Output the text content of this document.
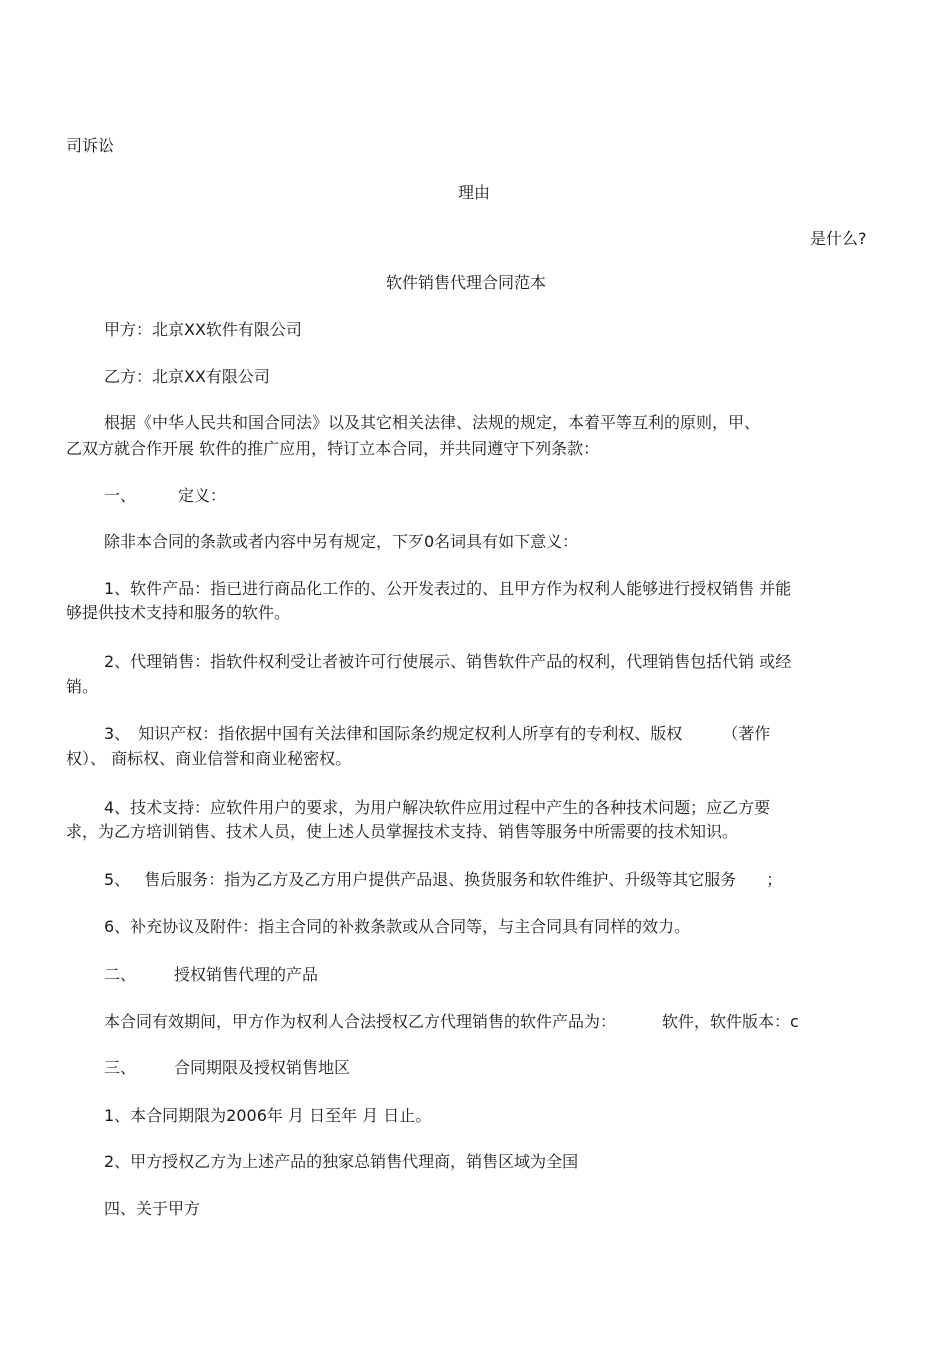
司诉讼
理由
是什么?
软件销售代理合同范本
甲方：北京XX软件有限公司
乙方：北京XX有限公司
根据《中华人民共和国合同法》以及其它相关法律、法规的规定，本着平等互利的原则，甲、
乙双方就合作开展 软件的推广应用，特订立本合同，并共同遵守下列条款：
一、	定义：
除非本合同的条款或者内容中另有规定，下歹0名词具有如下意义：
1、软件产品：指已进行商品化工作的、公开发表过的、且甲方作为权利人能够进行授权销售 并能
够提供技术支持和服务的软件。
2、代理销售：指软件权利受让者被许可行使展示、销售软件产品的权利，代理销售包括代销 或经
销。
3、 知识产权：指依据中国有关法律和国际条约规定权利人所享有的专利权、版权	（著作
权）、 商标权、商业信誉和商业秘密权。
4、技术支持：应软件用户的要求，为用户解决软件应用过程中产生的各种技术问题；应乙方要
求，为乙方培训销售、技术人员，使上述人员掌握技术支持、销售等服务中所需要的技术知识。
5、 售后服务：指为乙方及乙方用户提供产品退、换货服务和软件维护、升级等其它服务 ；
6、补充协议及附件：指主合同的补救条款或从合同等，与主合同具有同样的效力。
二、 授权销售代理的产品
本合同有效期间，甲方作为权利人合法授权乙方代理销售的软件产品为：	软件，软件版本：c
三、 合同期限及授权销售地区
1、本合同期限为2006年 月 日至年 月 日止。
2、甲方授权乙方为上述产品的独家总销售代理商，销售区域为全国
四、关于甲方
